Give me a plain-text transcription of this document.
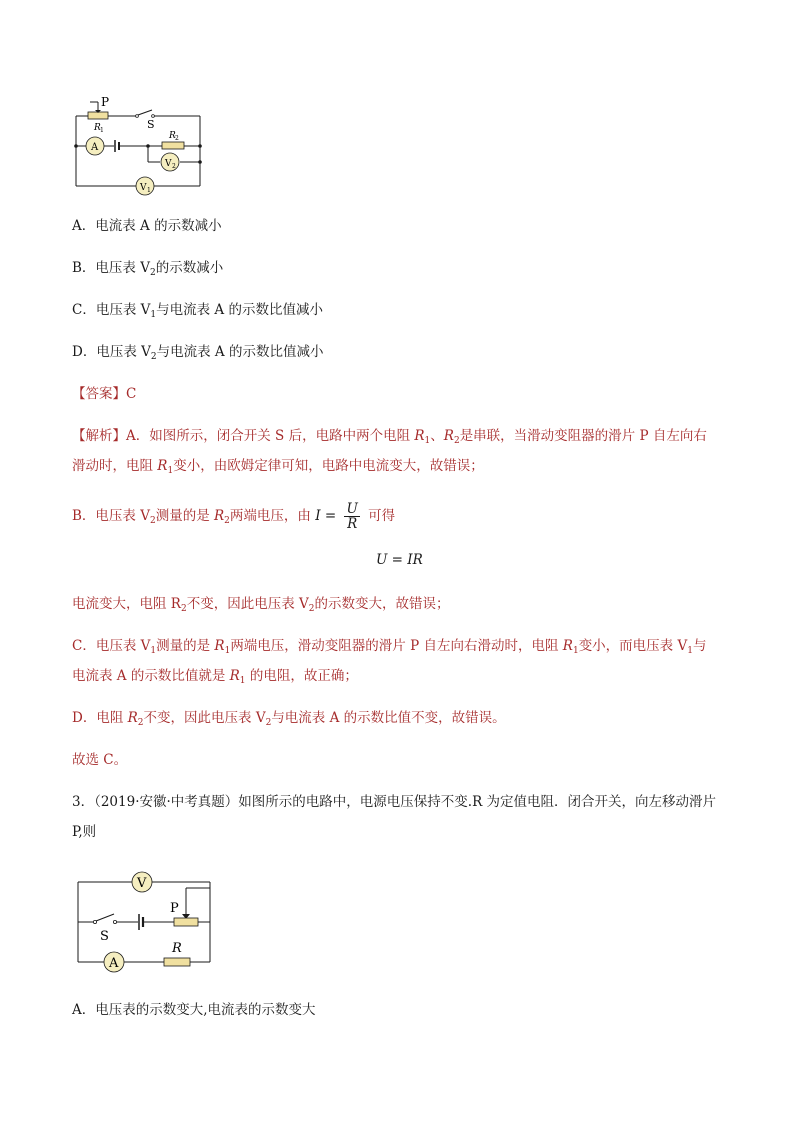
P
R 1	S
R 2
A
V 2
V 1
A．电流表 A 的示数减小
B．电压表 $V_2$的示数减小
C．电压表 $V_1$与电流表 A 的示数比值减小
D．电压表 $V_2$与电流表 A 的示数比值减小
【答案】C
【解析】A．如图所示，闭合开关 S 后，电路中两个电阻 $R_1$、$R_2$是串联，当滑动变阻器的滑片 P 自左向右
滑动时，电阻 $R_1$变小，由欧姆定律可知，电路中电流变大，故错误；
B．电压表 $V_2$测量的是 $R_2$两端电压，由 $I = \frac{U}{R}$ 可得
U = IR
电流变大，电阻 $R_2$不变，因此电压表 $V_2$的示数变大，故错误；
C．电压表 $V_1$测量的是 $R_1$两端电压，滑动变阻器的滑片 P 自左向右滑动时，电阻 $R_1$变小，而电压表 $V_1$与
电流表 A 的示数比值就是 $R_1$ 的电阻，故正确；
D．电阻 $R_2$不变，因此电压表 $V_2$与电流表 A 的示数比值不变，故错误。
故选 C。
3．（2019·安徽·中考真题）如图所示的电路中，电源电压保持不变.R 为定值电阻．闭合开关，向左移动滑片
P,则
V
P
S
R
A
A．电压表的示数变大,电流表的示数变大
